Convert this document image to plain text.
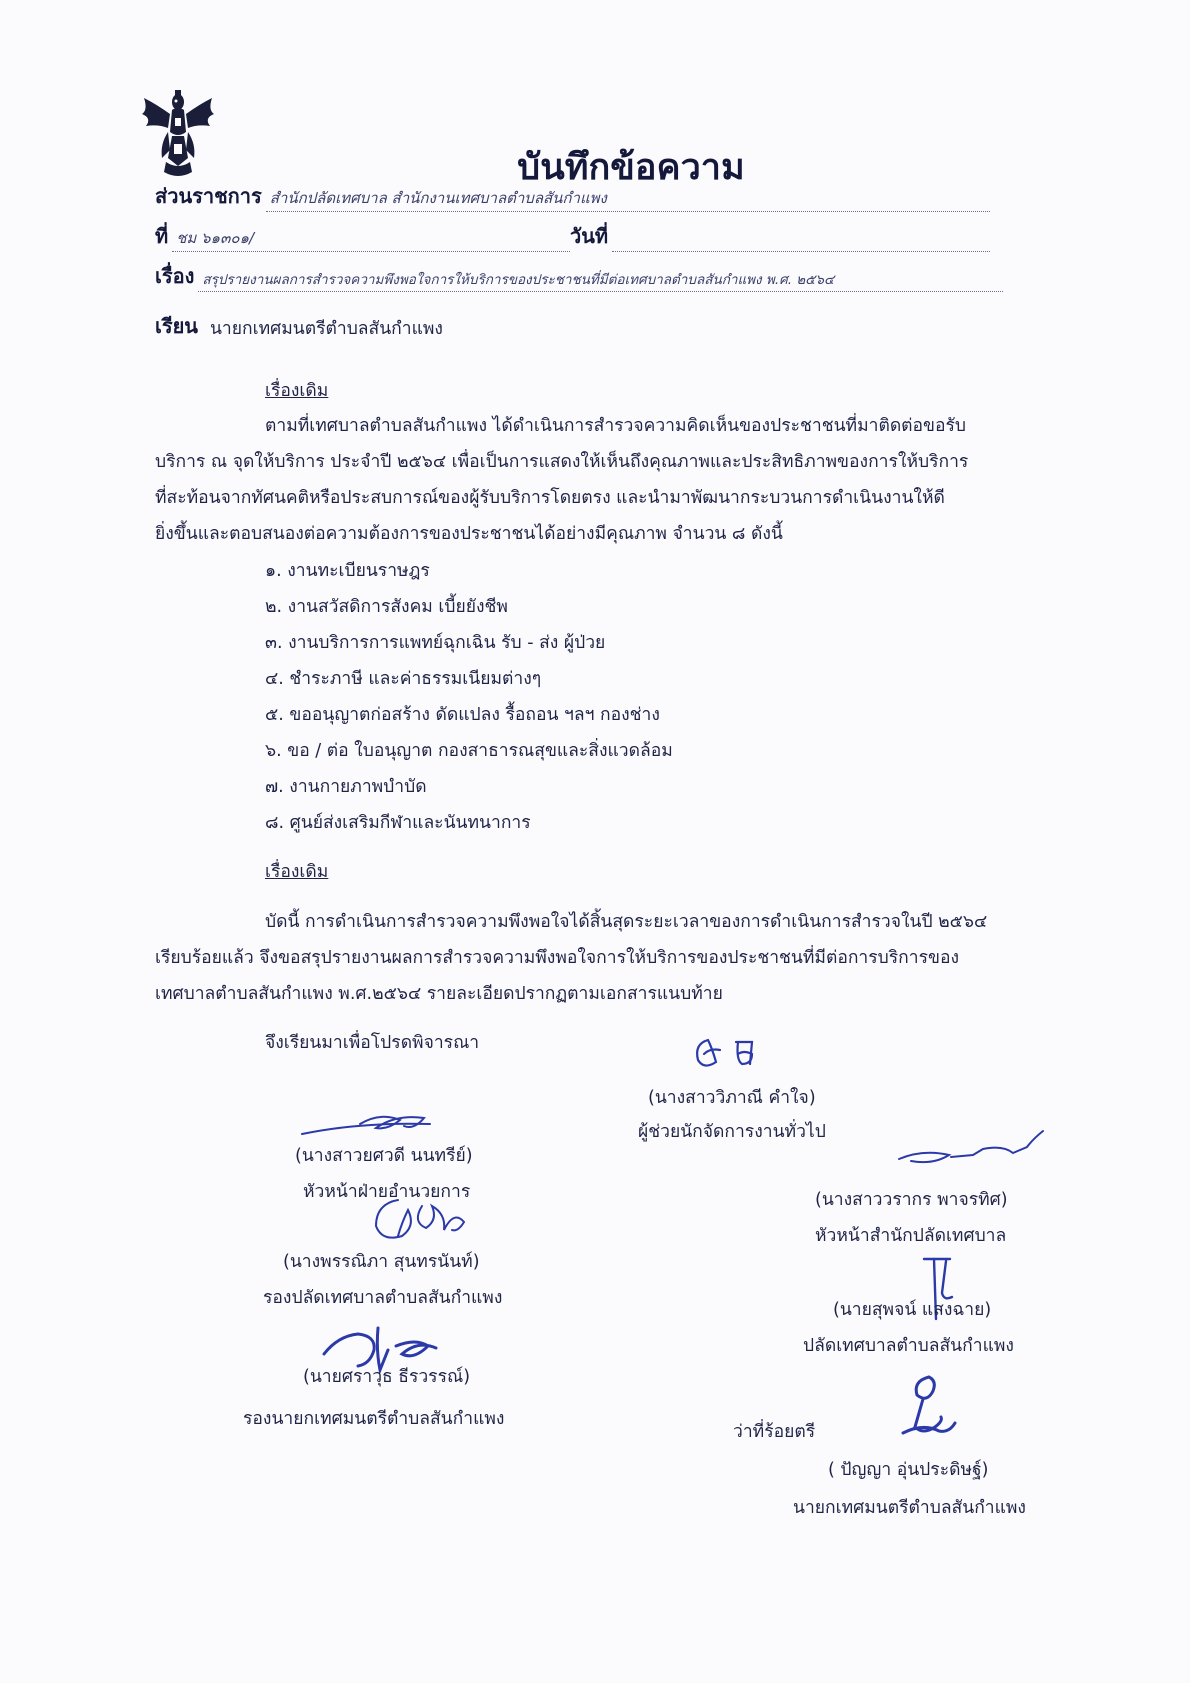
บันทึกข้อความ
ส่วนราชการ สำนักปลัดเทศบาล สำนักงานเทศบาลตำบลสันกำแพง
ที่ ชม ๖๑๓๐๑/	วันที่
เรื่อง สรุปรายงานผลการสำรวจความพึงพอใจการให้บริการของประชาชนที่มีต่อเทศบาลตำบลสันกำแพง พ.ศ. ๒๕๖๔
เรียน นายกเทศมนตรีตำบลสันกำแพง
เรื่องเดิม
ตามที่เทศบาลตำบลสันกำแพง ได้ดำเนินการสำรวจความคิดเห็นของประชาชนที่มาติดต่อขอรับ
บริการ ณ จุดให้บริการ ประจำปี ๒๕๖๔ เพื่อเป็นการแสดงให้เห็นถึงคุณภาพและประสิทธิภาพของการให้บริการ
ที่สะท้อนจากทัศนคติหรือประสบการณ์ของผู้รับบริการโดยตรง และนำมาพัฒนากระบวนการดำเนินงานให้ดี
ยิ่งขึ้นและตอบสนองต่อความต้องการของประชาชนได้อย่างมีคุณภาพ จำนวน ๘ ดังนี้
๑. งานทะเบียนราษฎร
๒. งานสวัสดิการสังคม เบี้ยยังชีพ
๓. งานบริการการแพทย์ฉุกเฉิน รับ - ส่ง ผู้ป่วย
๔. ชำระภาษี และค่าธรรมเนียมต่างๆ
๕. ขออนุญาตก่อสร้าง ดัดแปลง รื้อถอน ฯลฯ กองช่าง
๖. ขอ / ต่อ ใบอนุญาต กองสาธารณสุขและสิ่งแวดล้อม
๗. งานกายภาพบำบัด
๘. ศูนย์ส่งเสริมกีฬาและนันทนาการ
เรื่องเดิม
บัดนี้ การดำเนินการสำรวจความพึงพอใจได้สิ้นสุดระยะเวลาของการดำเนินการสำรวจในปี ๒๕๖๔
เรียบร้อยแล้ว จึงขอสรุปรายงานผลการสำรวจความพึงพอใจการให้บริการของประชาชนที่มีต่อการบริการของ
เทศบาลตำบลสันกำแพง พ.ศ.๒๕๖๔ รายละเอียดปรากฏตามเอกสารแนบท้าย
จึงเรียนมาเพื่อโปรดพิจารณา
(นางสาววิภาณี คำใจ)
ผู้ช่วยนักจัดการงานทั่วไป
(นางสาวยศวดี นนทรีย์)
หัวหน้าฝ่ายอำนวยการ	(นางสาววรากร พาจรทิศ)
หัวหน้าสำนักปลัดเทศบาล
(นางพรรณิภา สุนทรนันท์)
รองปลัดเทศบาลตำบลสันกำแพง
(นายสุพจน์ แสงฉาย)
ปลัดเทศบาลตำบลสันกำแพง
(นายศราวุธ ธีรวรรณ์)
รองนายกเทศมนตรีตำบลสันกำแพง
ว่าที่ร้อยตรี
( ปัญญา อุ่นประดิษฐ์)
นายกเทศมนตรีตำบลสันกำแพง
